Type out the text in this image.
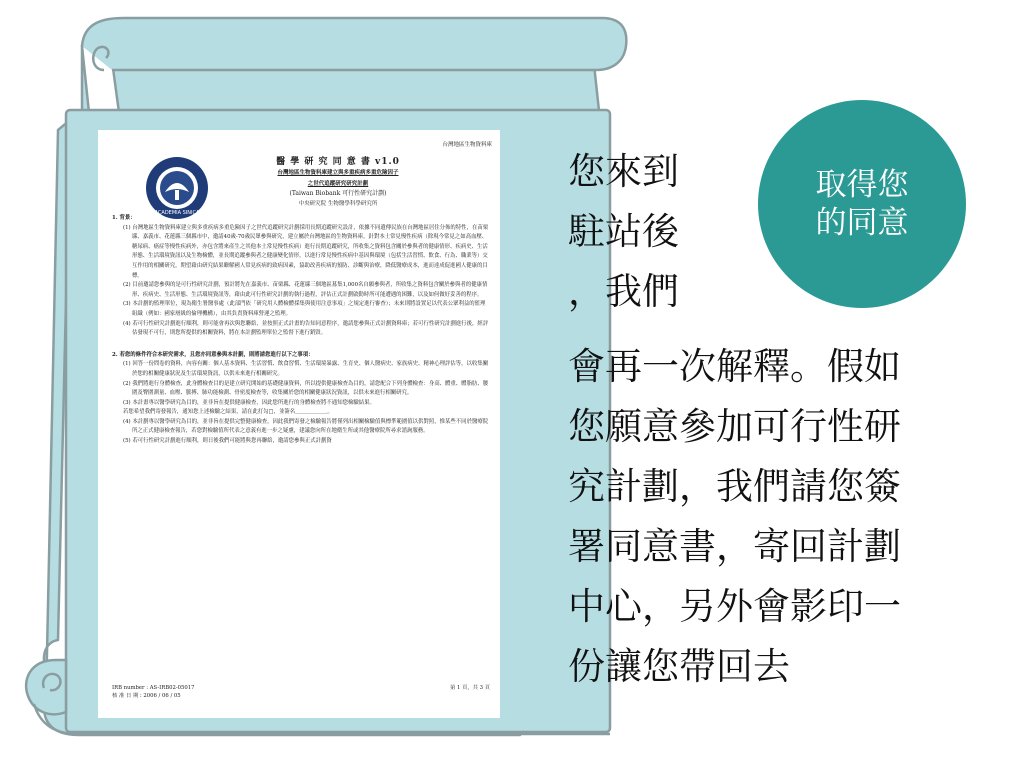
台灣地區生物資料庫
ACADEMIA SINICA
醫 學 研 究 同 意 書 v1.0
台灣地區生物資料庫建立與多重疾病多重危險因子
之世代追蹤研究研究計劃
(Taiwan Biobank 可行性研究計劃)
中央研究院 生物醫學科學研究所
1. 背景：
(1) 台灣地區生物資料庫建立與多重疾病多重危險因子之世代追蹤研究計劃採用長期追蹤研究設計，依據不同遺傳民族在台灣地區居住分佈的特性，在苗栗縣、嘉義市、花蓮縣三個縣市中，邀請40歲-70歲民眾參與研究，建立屬於台灣地區的生物資料庫，針對本土常見慢性疾病（除現今常見之如高血壓、糖尿病、癌症等慢性疾病外，亦包含將來產生之其他本土常見慢性疾病）進行長期追蹤研究，所收集之資料包含關於參與者的健康情形、疾病史、生活形態、生活環境資訊以及生物檢體，並長期追蹤參與者之健康變化情形，以進行常見慢性疾病中基因與環境（包括生活習慣、飲食、行為、職業等）交互作用的相關研究，期望藉由研究結果瞭解國人常見疾病的致病因素，協助改善疾病的預防、診斷與治療，降低醫療成本，進而達成促進國人健康的目標。
(2) 目前邀請您參與的是可行性研究計劃，預計將先在嘉義市、苗栗縣、花蓮縣三個地區募集1,000名自願參與者，所收集之資料包含關於參與者的健康情形、疾病史、生活形態、生活環境資訊等，藉由此可行性研究計劃的執行過程，評估正式計劃啟動時所可能遭遇的困難，以及如何做好妥善的程序。
(3) 本計劃的監理單位，現為衛生署醫事處（此部門依「研究用人體檢體採集與使用注意事項」之規定進行審查）；未來則將設置足以代表公眾利益的監理組織（例如：國家層級的倫理機構），由其負責資料庫營運之監理。
(4) 若可行性研究計劃進行順利，則可能會再次與您聯絡，並按照正式計畫的告知同意程序，邀請您參與正式計劃資料庫；若可行性研究計劃進行後，經評估發現不可行，則您所提供的相關資料，將在本計劃監理單位之監督下進行銷毀。
2. 若您的條件符合本研究需求，且您亦同意參與本計劃，則將請您進行以下之事項：
(1) 回答一份問卷的資料，內容有關：個人基本資料、生活習慣、飲食習慣、生活環境暴露、生育史、個人醫病史、家族病史、精神心理評估等，以收集關於您的相關健康狀況及生活環境資訊，以供未來進行相關研究。
(2) 我們將進行身體檢查，此身體檢查目的是建立研究開始的基礎健康資料，所以提供健康檢查為目的，請您配合下列身體檢查：身高、體重、體脂肪、腰圍及臀圍測量、血壓、脈搏、肺功能檢測、骨密度檢查等，收集關於您的相關健康狀況資訊，以供未來進行相關研究。
(3) 本計畫專以醫學研究為目的，並非旨在提供健康檢查，因此您所進行的身體檢查將不通知您檢驗結果。
若您希望我們寄發報告，通知您上述檢驗之結果，請在此打勾□，並簽名＿＿＿＿＿＿。
(4) 本計劃專以醫學研究為目的，並非旨在提供完整健康檢查，因此我們寄發之檢驗報告將僅列出相關檢驗值與標準範圍值以供對照，惟某些不同於醫療院所之正式健康檢查報告，若您對檢驗值所代表之意義有進一步之疑慮，建議您向所在地衛生所或其他醫療院所尋求諮詢服務。
(5) 若可行性研究計劃進行順利，則日後我們可能將與您再聯絡，邀請您參與正式計劃資
IRB number : AS-IRB02-05017
核 准 日 期 : 2006 / 06 / 05
第 1 頁，共 3 頁
取得您的同意
您來到
駐站後
，我們
會再一次解釋。假如
您願意參加可行性研
究計劃，我們請您簽
署同意書，寄回計劃
中心，另外會影印一
份讓您帶回去
